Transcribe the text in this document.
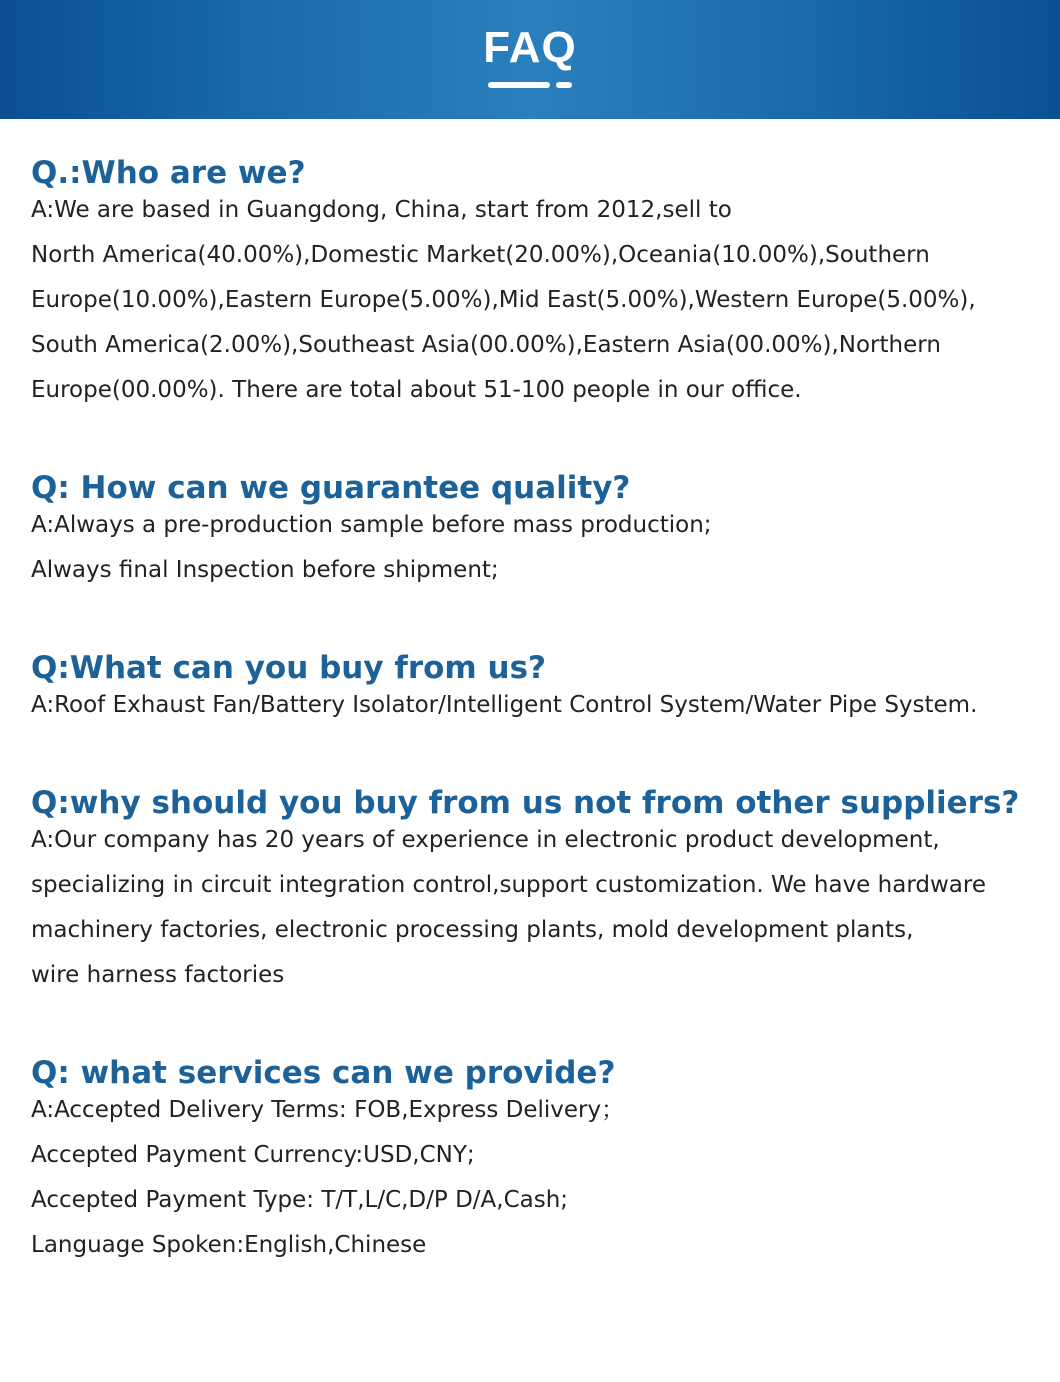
FAQ

Q.:Who are we?

A:We are based in Guangdong, China, start from 2012,sell to

North America(40.00%),Domestic Market(20.00%),Oceania(10.00%),Southern

Europe(10.00%),Eastern Europe(5.00%),Mid East(5.00%),Western Europe(5.00%),

South America(2.00%),Southeast Asia(00.00%),Eastern Asia(00.00%),Northern

Europe(00.00%). There are total about 51-100 people in our office.

Q: How can we guarantee quality?

A:Always a pre-production sample before mass production;

Always final Inspection before shipment;

Q:What can you buy from us?

A:Roof Exhaust Fan/Battery Isolator/Intelligent Control System/Water Pipe System.

Q:why should you buy from us not from other suppliers?

A:Our company has 20 years of experience in electronic product development,

specializing in circuit integration control,support customization. We have hardware

machinery factories, electronic processing plants, mold development plants,

wire harness factories

Q: what services can we provide?

A:Accepted Delivery Terms: FOB,Express Delivery；

Accepted Payment Currency:USD,CNY;

Accepted Payment Type: T/T,L/C,D/P D/A,Cash;

Language Spoken:English,Chinese
